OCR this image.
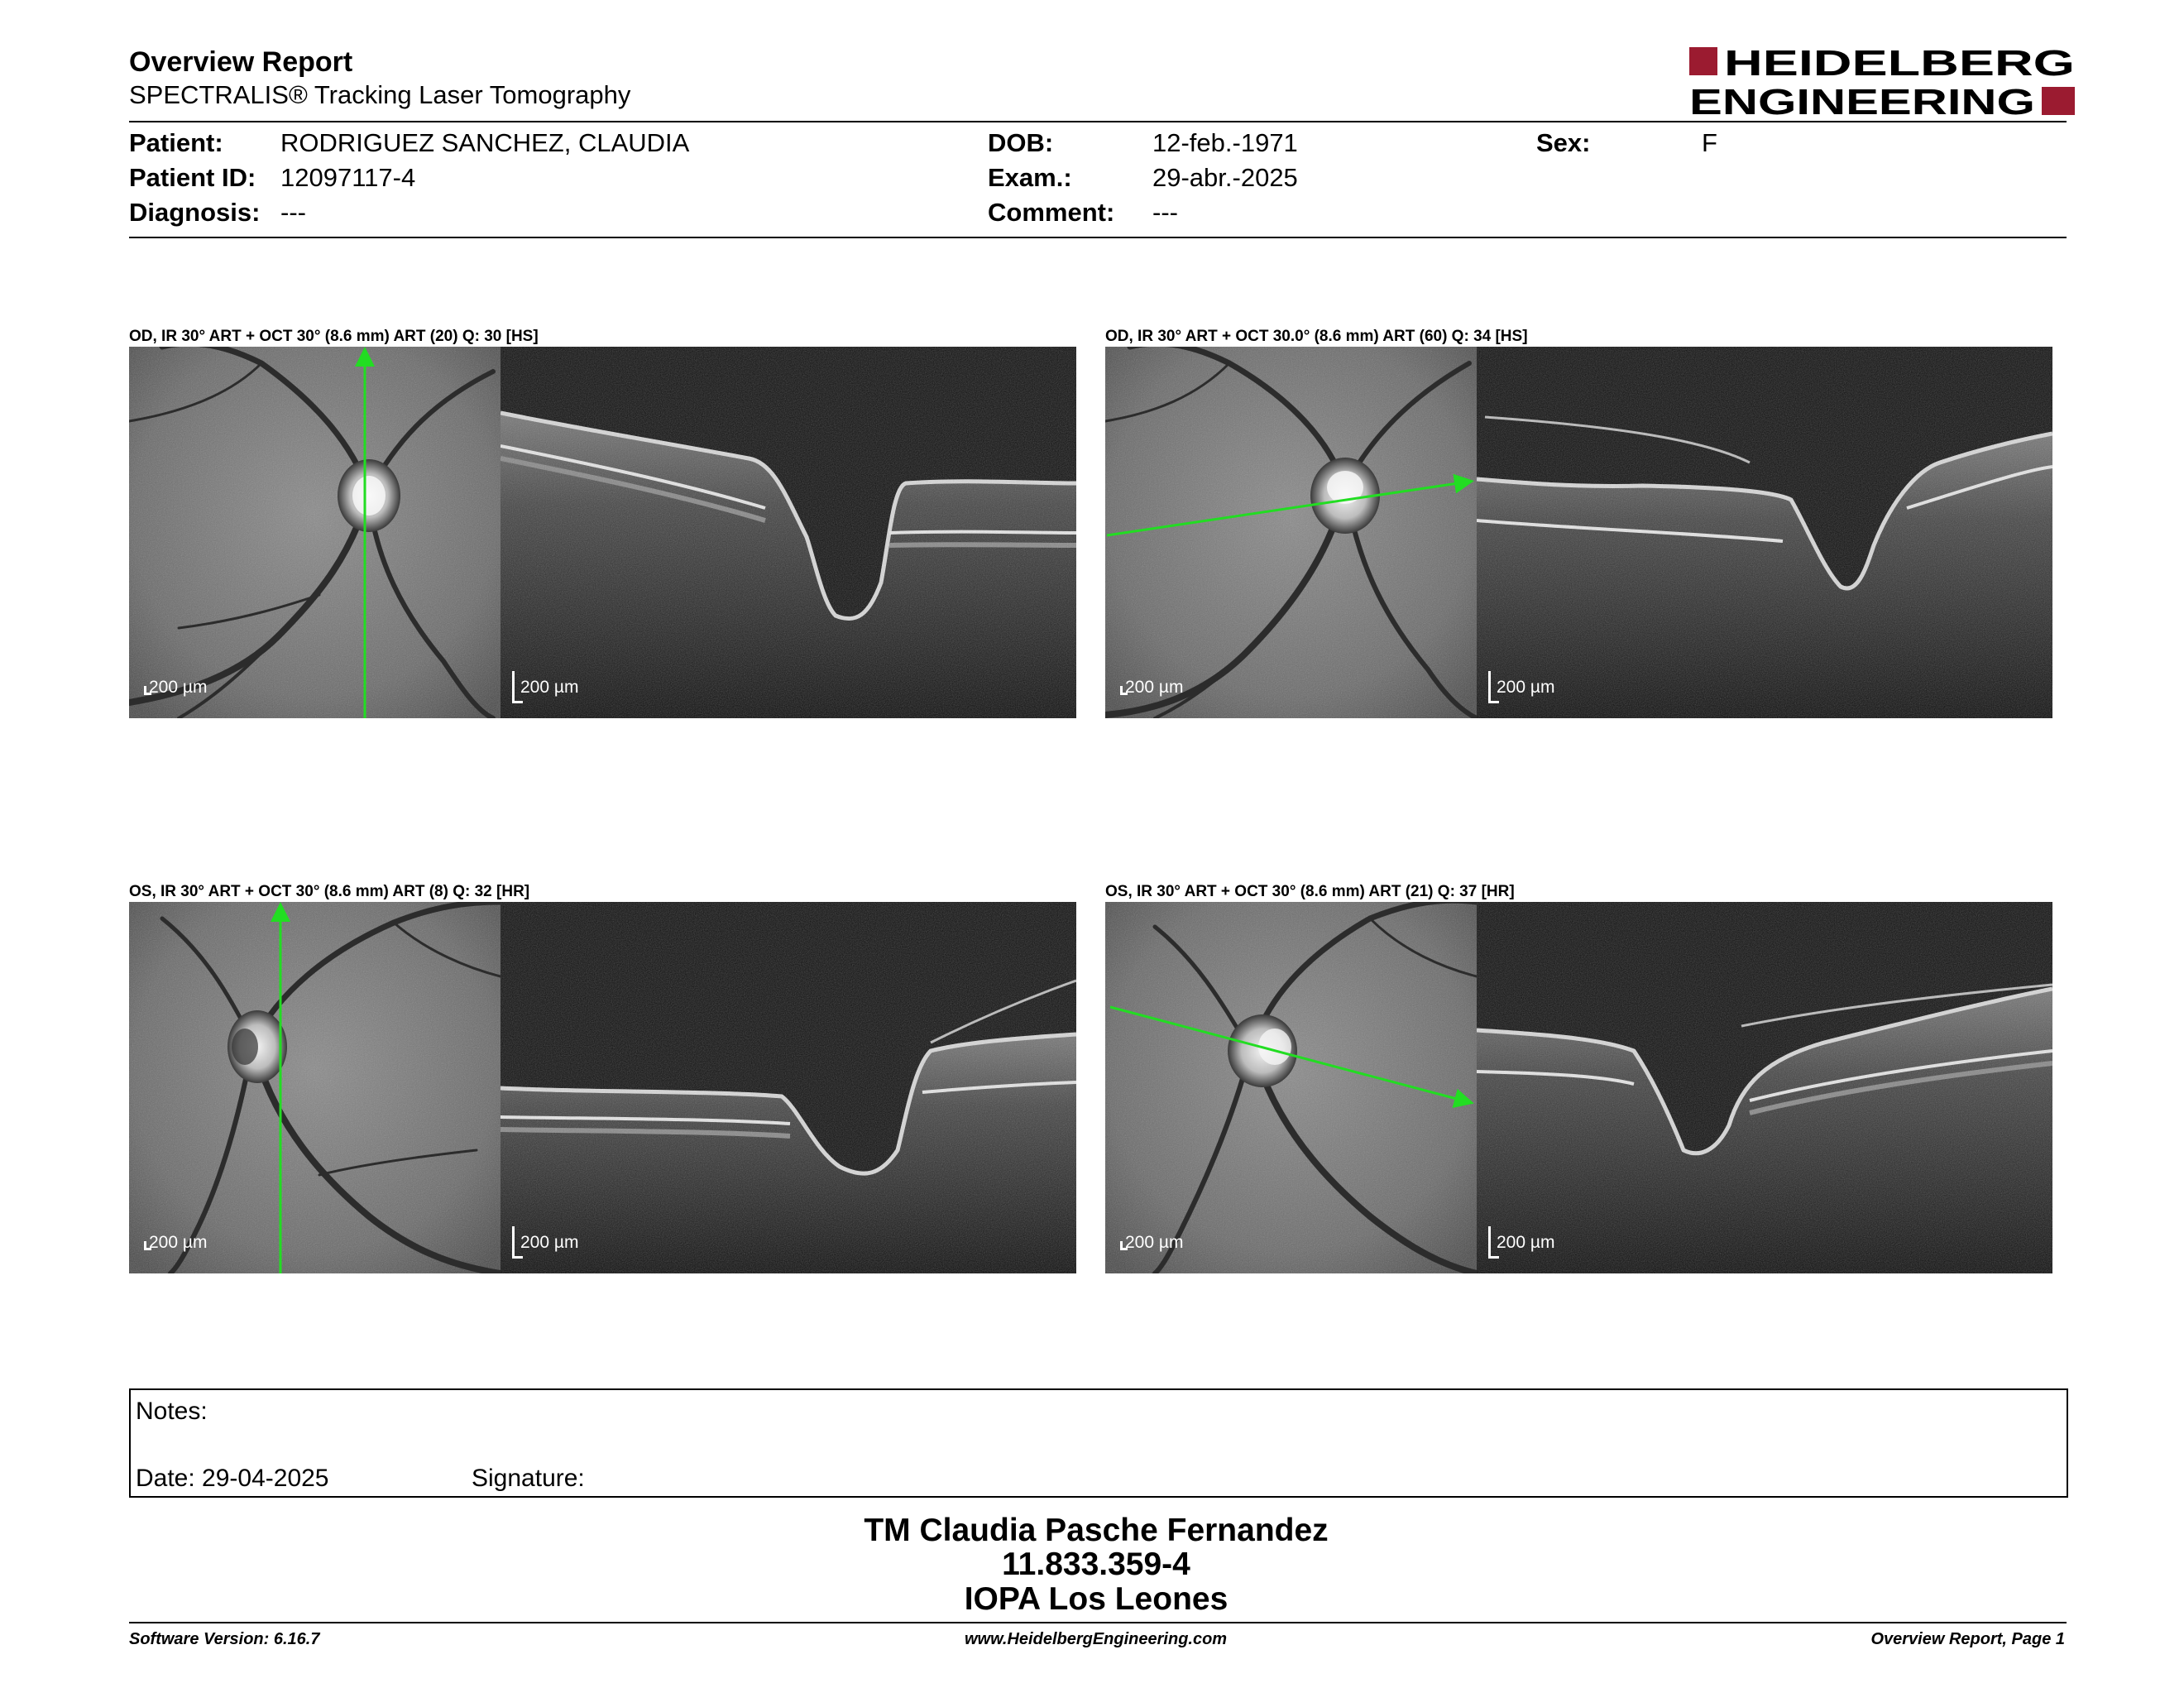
Overview Report
SPECTRALIS® Tracking Laser Tomography
HEIDELBERG
ENGINEERING
Patient: RODRIGUEZ SANCHEZ, CLAUDIA
Patient ID: 12097117-4
Diagnosis: ---
DOB:	12-feb.-1971
Exam.:	29-abr.-2025
Comment: ---
Sex:	F
OD, IR 30° ART + OCT 30° (8.6 mm) ART (20) Q: 30 [HS]
200 µm	200 µm
OD, IR 30° ART + OCT 30.0° (8.6 mm) ART (60) Q: 34 [HS]
200 µm	200 µm
OS, IR 30° ART + OCT 30° (8.6 mm) ART (8) Q: 32 [HR]
200 µm	200 µm
OS, IR 30° ART + OCT 30° (8.6 mm) ART (21) Q: 37 [HR]
200 µm	200 µm
Notes:
Date: 29-04-2025	Signature:
TM Claudia Pasche Fernandez
11.833.359-4
IOPA Los Leones
Software Version: 6.16.7	www.HeidelbergEngineering.com	Overview Report, Page 1
